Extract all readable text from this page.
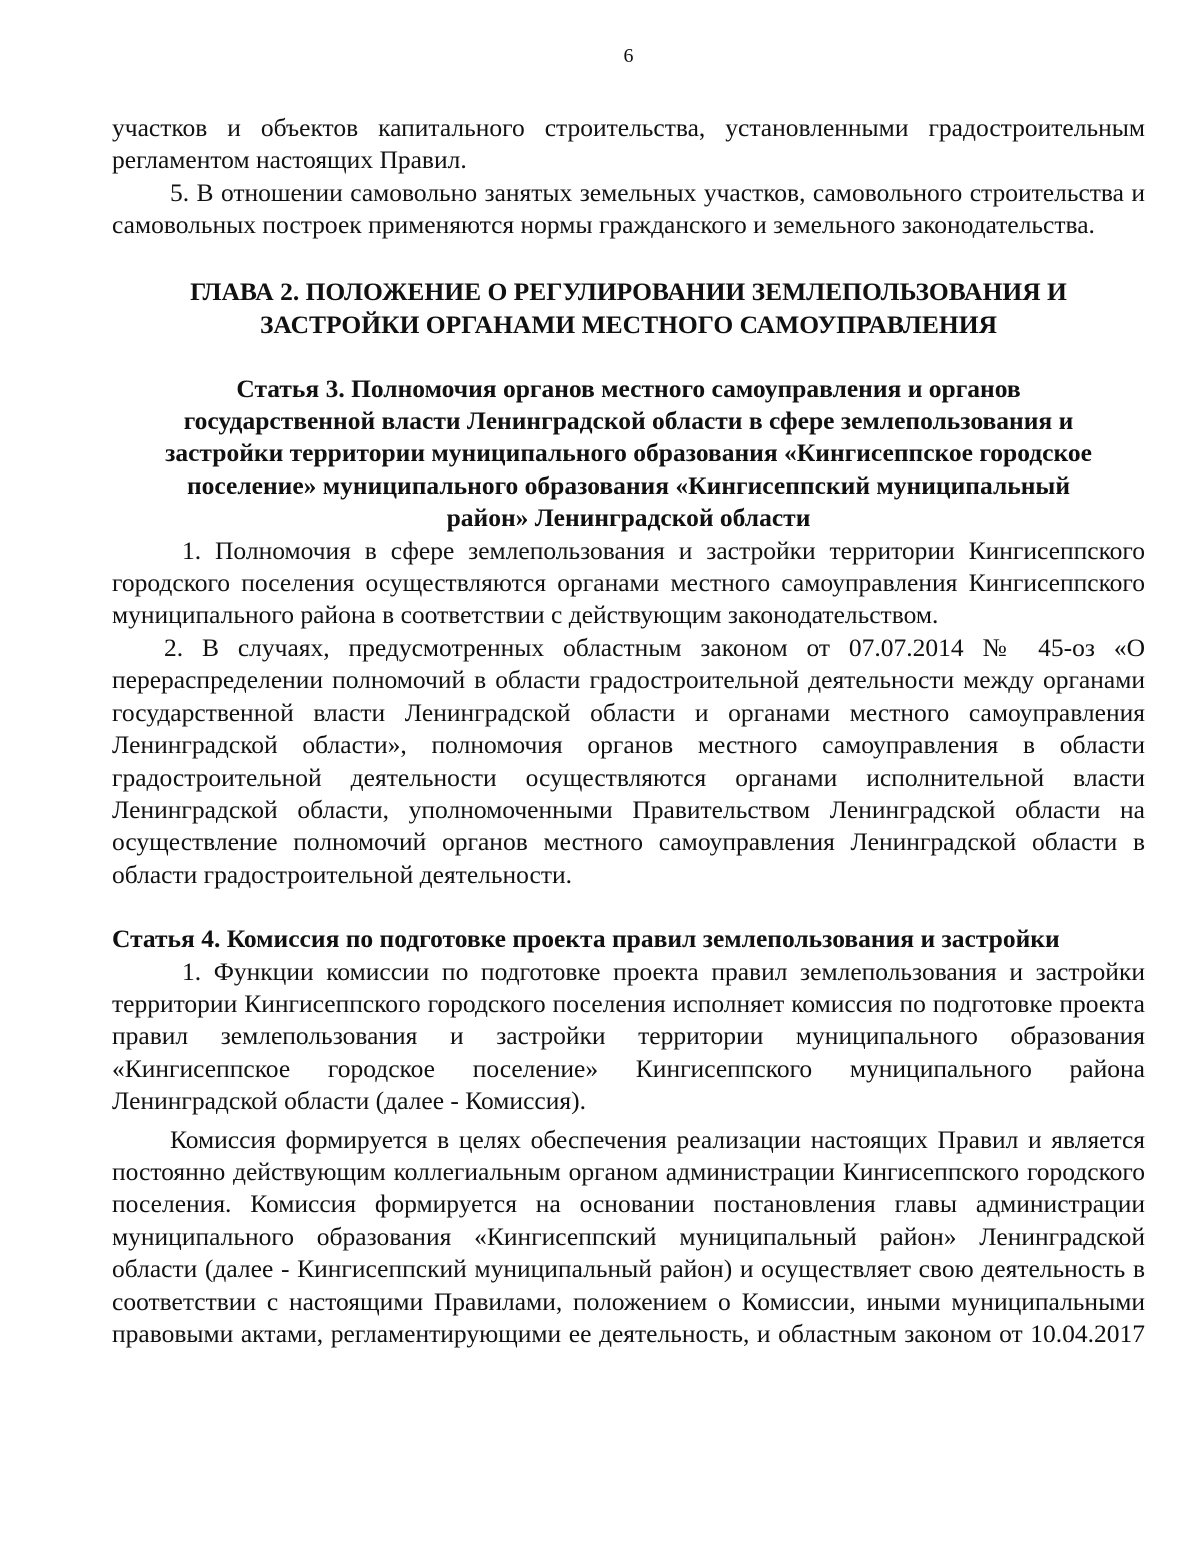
6

участков и объектов капитального строительства, установленными градостроительным регламентом настоящих Правил.

5. В отношении самовольно занятых земельных участков, самовольного строительства и самовольных построек применяются нормы гражданского и земельного законодательства.

ГЛАВА 2. ПОЛОЖЕНИЕ О РЕГУЛИРОВАНИИ ЗЕМЛЕПОЛЬЗОВАНИЯ И
ЗАСТРОЙКИ ОРГАНАМИ МЕСТНОГО САМОУПРАВЛЕНИЯ
Статья 3. Полномочия органов местного самоуправления и органов
государственной власти Ленинградской области в сфере землепользования и
застройки территории муниципального образования «Кингисеппское городское
поселение» муниципального образования «Кингисеппский муниципальный
район» Ленинградской области

1. Полномочия в сфере землепользования и застройки территории Кингисеппского городского поселения осуществляются органами местного самоуправления Кингисеппского муниципального района в соответствии с действующим законодательством.

2. В случаях, предусмотренных областным законом от 07.07.2014 № 45-оз «О перераспределении полномочий в области градостроительной деятельности между органами государственной власти Ленинградской области и органами местного самоуправления Ленинградской области», полномочия органов местного самоуправления в области градостроительной деятельности осуществляются органами исполнительной власти Ленинградской области, уполномоченными Правительством Ленинградской области на осуществление полномочий органов местного самоуправления Ленинградской области в области градостроительной деятельности.

Статья 4. Комиссия по подготовке проекта правил землепользования и застройки

1. Функции комиссии по подготовке проекта правил землепользования и застройки территории Кингисеппского городского поселения исполняет комиссия по подготовке проекта правил землепользования и застройки территории муниципального образования «Кингисеппское городское поселение» Кингисеппского муниципального района Ленинградской области (далее - Комиссия).

Комиссия формируется в целях обеспечения реализации настоящих Правил и является постоянно действующим коллегиальным органом администрации Кингисеппского городского поселения. Комиссия формируется на основании постановления главы администрации муниципального образования «Кингисеппский муниципальный район» Ленинградской области (далее - Кингисеппский муниципальный район) и осуществляет свою деятельность в соответствии с настоящими Правилами, положением о Комиссии, иными муниципальными правовыми актами, регламентирующими ее деятельность, и областным законом от 10.04.2017
